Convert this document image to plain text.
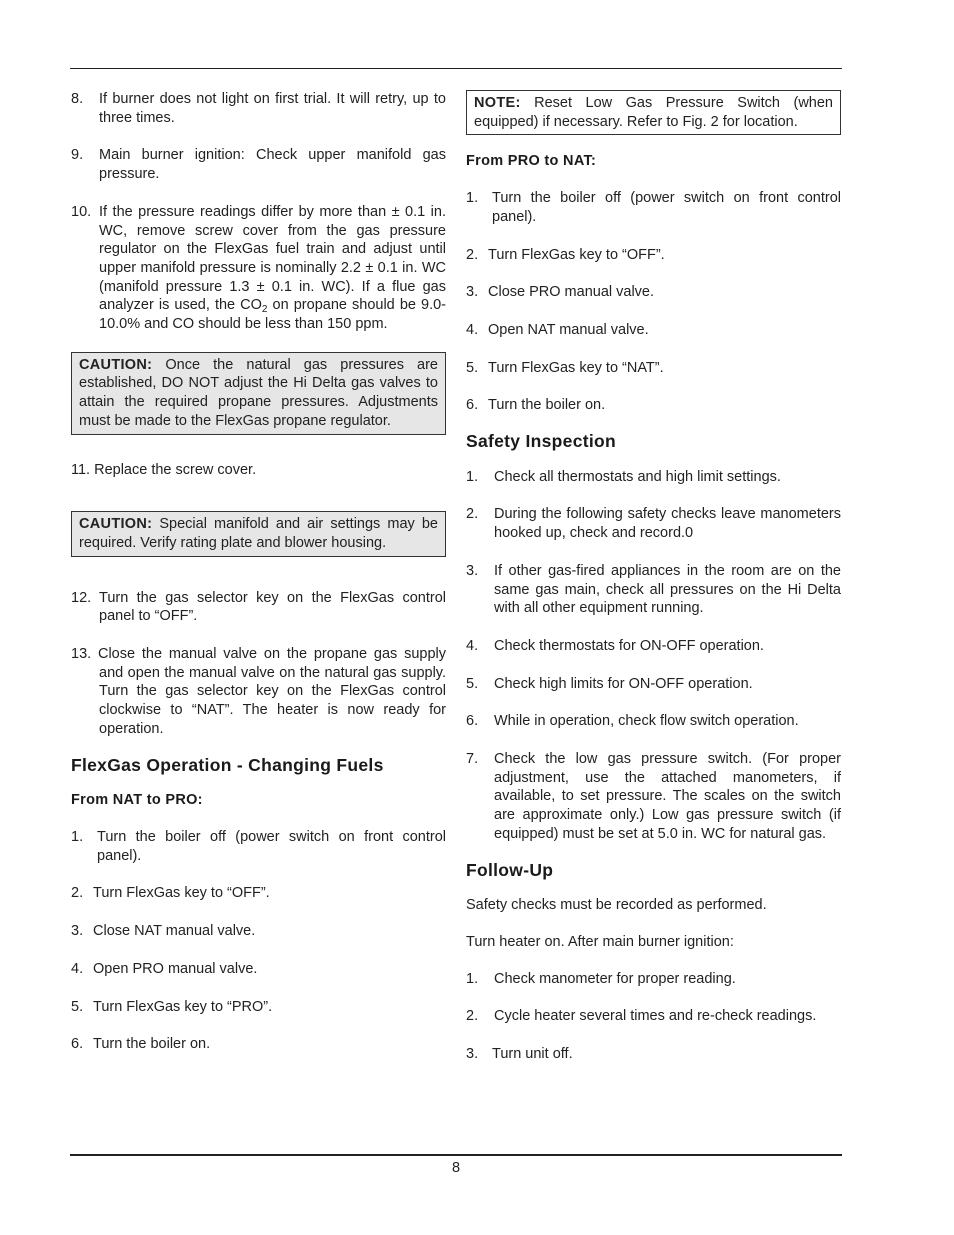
8.	If burner does not light on first trial. It will retry, up to three times.
9.	Main burner ignition: Check upper manifold gas pressure.
10. If the pressure readings differ by more than ± 0.1 in. WC, remove screw cover from the gas pressure regulator on the FlexGas fuel train and adjust until upper manifold pressure is nominally 2.2 ± 0.1 in. WC (manifold pressure 1.3 ± 0.1 in. WC). If a flue gas analyzer is used, the $CO_2$ on propane should be 9.0-10.0% and CO should be less than 150 ppm.
CAUTION: Once the natural gas pressures are established, DO NOT adjust the Hi Delta gas valves to attain the required propane pressures. Adjustments must be made to the FlexGas propane regulator.

11. Replace the screw cover.

CAUTION: Special manifold and air settings may be required. Verify rating plate and blower housing.
12. Turn the gas selector key on the FlexGas control panel to “OFF”.

13. Close the manual valve on the propane gas supply and open the manual valve on the natural gas supply. Turn the gas selector key on the FlexGas control clockwise to “NAT”. The heater is now ready for operation.

FlexGas Operation - Changing Fuels

From NAT to PRO:

1. Turn the boiler off (power switch on front control panel).
2. Turn FlexGas key to “OFF”.
3. Close NAT manual valve.
4. Open PRO manual valve.
5. Turn FlexGas key to “PRO”.
6. Turn the boiler on.
NOTE: Reset Low Gas Pressure Switch (when equipped) if necessary. Refer to Fig. 2 for location.

From PRO to NAT:

1. Turn the boiler off (power switch on front control panel).
2. Turn FlexGas key to “OFF”.
3. Close PRO manual valve.
4. Open NAT manual valve.
5. Turn FlexGas key to “NAT”.
6. Turn the boiler on.

Safety Inspection

1.	Check all thermostats and high limit settings.
2.	During the following safety checks leave manometers hooked up, check and record.0
3.	If other gas-fired appliances in the room are on the same gas main, check all pressures on the Hi Delta with all other equipment running.
4.	Check thermostats for ON-OFF operation.
5.	Check high limits for ON-OFF operation.
6.	While in operation, check flow switch operation.
7.	Check the low gas pressure switch. (For proper adjustment, use the attached manometers, if available, to set pressure. The scales on the switch are approximate only.) Low gas pressure switch (if equipped) must be set at 5.0 in. WC for natural gas.

Follow-Up

Safety checks must be recorded as performed.

Turn heater on. After main burner ignition:

1.	Check manometer for proper reading.
2.	Cycle heater several times and re-check readings.
3. Turn unit off.
8
